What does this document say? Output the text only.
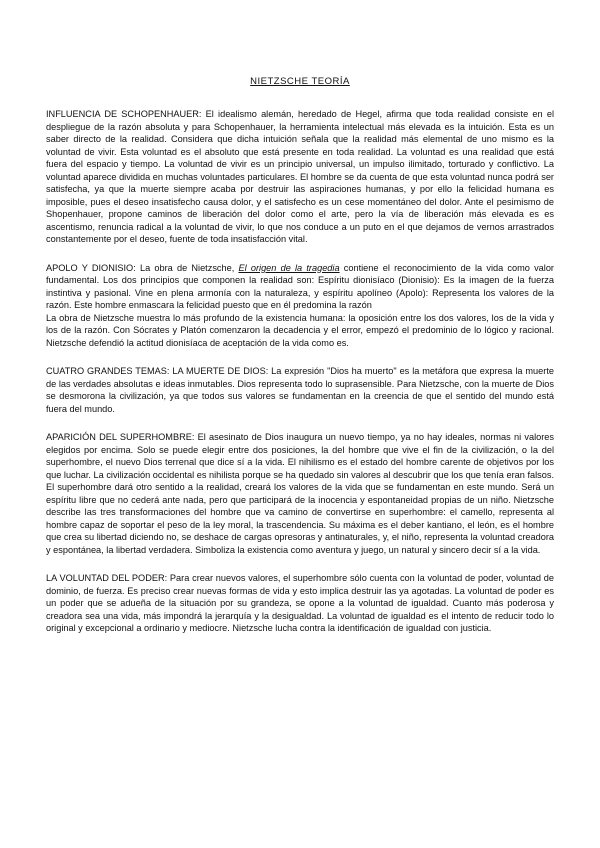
NIETZSCHE TEORÍA

INFLUENCIA DE SCHOPENHAUER: El idealismo alemán, heredado de Hegel, afirma que toda realidad consiste en el despliegue de la razón absoluta y para Schopenhauer, la herramienta intelectual más elevada es la intuición. Esta es un saber directo de la realidad. Considera que dicha intuición señala que la realidad más elemental de uno mismo es la voluntad de vivir. Esta voluntad es el absoluto que está presente en toda realidad. La voluntad es una realidad que está fuera del espacio y tiempo. La voluntad de vivir es un principio universal, un impulso ilimitado, torturado y conflictivo. La voluntad aparece dividida en muchas voluntades particulares. El hombre se da cuenta de que esta voluntad nunca podrá ser satisfecha, ya que la muerte siempre acaba por destruir las aspiraciones humanas, y por ello la felicidad humana es imposible, pues el deseo insatisfecho causa dolor, y el satisfecho es un cese momentáneo del dolor. Ante el pesimismo de Shopenhauer, propone caminos de liberación del dolor como el arte, pero la vía de liberación más elevada es es ascentismo, renuncia radical a la voluntad de vivir, lo que nos conduce a un puto en el que dejamos de vernos arrastrados constantemente por el deseo, fuente de toda insatisfacción vital.

APOLO Y DIONISIO: La obra de Nietzsche, El origen de la tragedia contiene el reconocimiento de la vida como valor fundamental. Los dos principios que componen la realidad son: Espíritu dionisíaco (Dionisio): Es la imagen de la fuerza instintiva y pasional. Vine en plena armonía con la naturaleza, y espíritu apolíneo (Apolo): Representa los valores de la razón. Este hombre enmascara la felicidad puesto que en él predomina la razón

La obra de Nietzsche muestra lo más profundo de la existencia humana: la oposición entre los dos valores, los de la vida y los de la razón. Con Sócrates y Platón comenzaron la decadencia y el error, empezó el predominio de lo lógico y racional. Nietzsche defendió la actitud dionisíaca de aceptación de la vida como es.

CUATRO GRANDES TEMAS: LA MUERTE DE DIOS: La expresión "Dios ha muerto" es la metáfora que expresa la muerte de las verdades absolutas e ideas inmutables. Dios representa todo lo suprasensible. Para Nietzsche, con la muerte de Dios se desmorona la civilización, ya que todos sus valores se fundamentan en la creencia de que el sentido del mundo está fuera del mundo.

APARICIÓN DEL SUPERHOMBRE: El asesinato de Dios inaugura un nuevo tiempo, ya no hay ideales, normas ni valores elegidos por encima. Solo se puede elegir entre dos posiciones, la del hombre que vive el fin de la civilización, o la del superhombre, el nuevo Dios terrenal que dice sí a la vida. El nihilismo es el estado del hombre carente de objetivos por los que luchar. La civilización occidental es nihilista porque se ha quedado sin valores al descubrir que los que tenía eran falsos. El superhombre dará otro sentido a la realidad, creará los valores de la vida que se fundamentan en este mundo. Será un espíritu libre que no cederá ante nada, pero que participará de la inocencia y espontaneidad propias de un niño. Nietzsche describe las tres transformaciones del hombre que va camino de convertirse en superhombre: el camello, representa al hombre capaz de soportar el peso de la ley moral, la trascendencia. Su máxima es el deber kantiano, el león, es el hombre que crea su libertad diciendo no, se deshace de cargas opresoras y antinaturales, y, el niño, representa la voluntad creadora y espontánea, la libertad verdadera. Simboliza la existencia como aventura y juego, un natural y sincero decir sí a la vida.

LA VOLUNTAD DEL PODER: Para crear nuevos valores, el superhombre sólo cuenta con la voluntad de poder, voluntad de dominio, de fuerza. Es preciso crear nuevas formas de vida y esto implica destruir las ya agotadas. La voluntad de poder es un poder que se adueña de la situación por su grandeza, se opone a la voluntad de igualdad. Cuanto más poderosa y creadora sea una vida, más impondrá la jerarquía y la desigualdad. La voluntad de igualdad es el intento de reducir todo lo original y excepcional a ordinario y mediocre. Nietzsche lucha contra la identificación de igualdad con justicia.
